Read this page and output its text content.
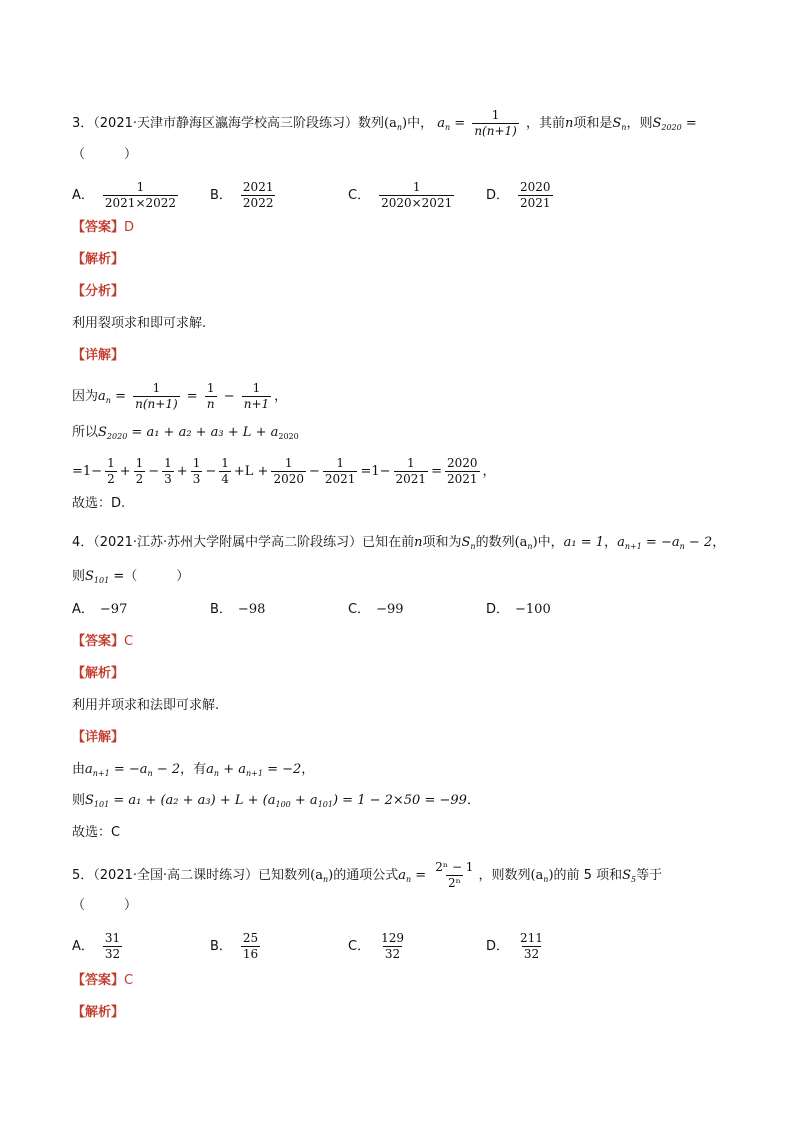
3．（2021·天津市静海区瀛海学校高三阶段练习）数列$(a_n)$中， $a_n = \frac{1}{n(n+1)}$ ，其前n项和是$S_n$，则$S_{2020}$ =
（　　　）
A． $\frac{1}{2021\times 2022}$ B． $\frac{2021}{2022}$	C． $\frac{1}{2020\times 2021}$ D． $\frac{2020}{2021}$
【答案】D
【解析】
【分析】
利用裂项求和即可求解.
【详解】
因为$a_n = \frac{1}{n(n+1)} = \frac{1}{n} - \frac{1}{n+1}$ ，
所以$S_{2020} = a_1 + a_2 + a_3 + L + a_{2020}$
$=1- \frac{1}{2} + \frac{1}{2} - \frac{1}{3} + \frac{1}{3} - \frac{1}{4} +L + \frac{1}{2020} - \frac{1}{2021} =1- \frac{1}{2021} = \frac{2020}{2021}$ ，
故选：D.
4．（2021·江苏·苏州大学附属中学高二阶段练习）已知在前n项和为$S_n$的数列$(a_n)$中，a₁ = 1，$a_{n+1} = -a_n - 2$，
则$S_{101}$ =（　　　）
A． −97	B． −98	C． −99	D． −100
【答案】C
【解析】
利用并项求和法即可求解.
【详解】
由$a_{n+1} = -a_n - 2$，有$a_n + a_{n+1} = -2$，
则$S_{101} = a_1 + (a_2 + a_3) + L + (a_{100} + a_{101}) = 1 - 2\times 50 = -99$．
故选：C
5．（2021·全国·高二课时练习）已知数列$(a_n)$的通项公式$a_n = \frac{\text{2ⁿ − 1}}{\text{2ⁿ}}$ ，则数列$(a_n)$的前 5 项和$S_5$等于
（　　　）
A． $\frac{31}{32}$	B． $\frac{25}{16}$	C． $\frac{129}{32}$	D． $\frac{211}{32}$
【答案】C
【解析】
